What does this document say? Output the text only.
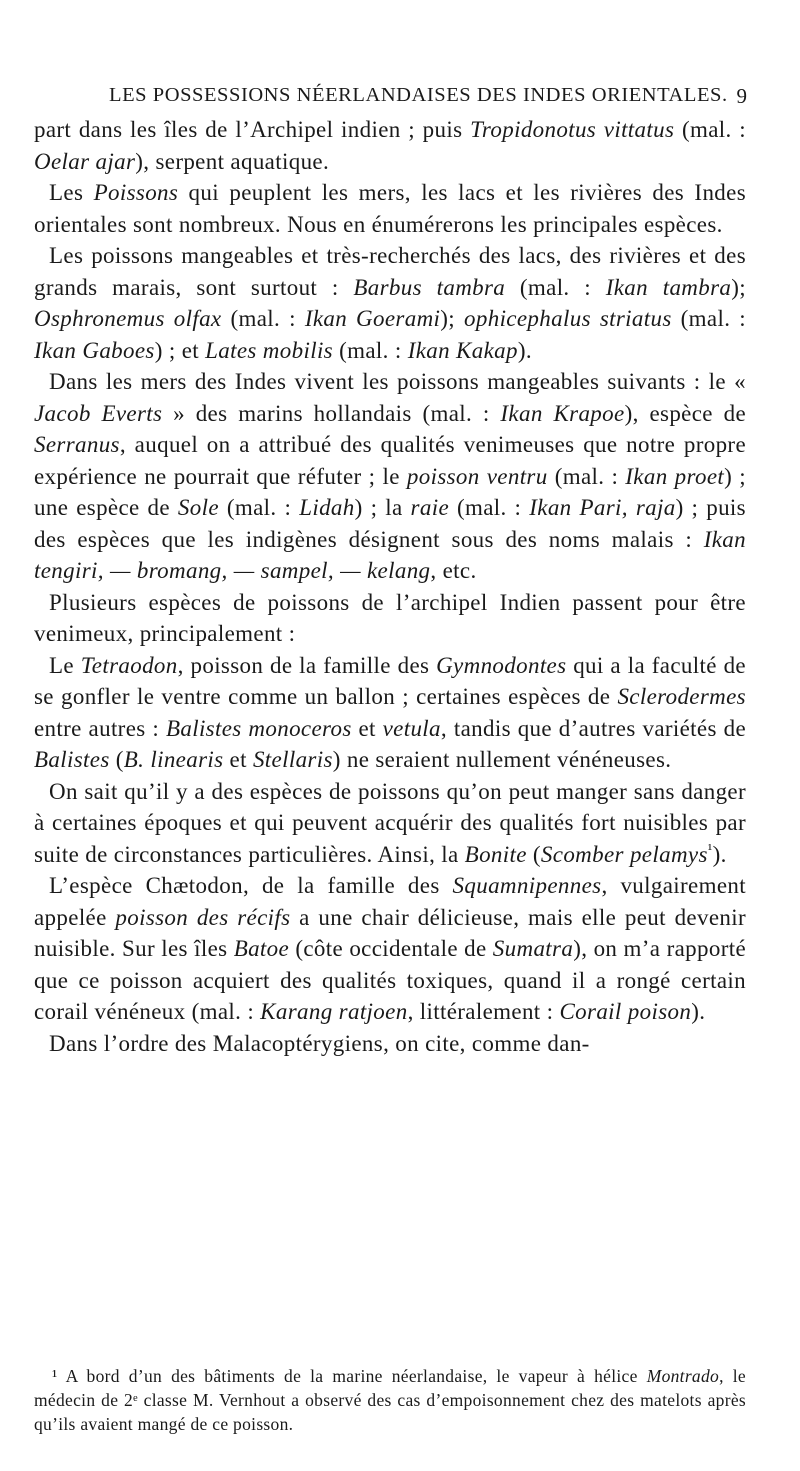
LES POSSESSIONS NÉERLANDAISES DES INDES ORIENTALES. 9

part dans les îles de l’Archipel indien ; puis Tropidonotus vittatus (mal. : Oelar ajar), serpent aquatique.

Les Poissons qui peuplent les mers, les lacs et les rivières des Indes orientales sont nombreux. Nous en énumérerons les principales espèces.

Les poissons mangeables et très-recherchés des lacs, des rivières et des grands marais, sont surtout : Barbus tambra (mal. : Ikan tambra); Osphronemus olfax (mal. : Ikan Goerami); ophicephalus striatus (mal. : Ikan Gaboes) ; et Lates mobilis (mal. : Ikan Kakap).

Dans les mers des Indes vivent les poissons mangeables suivants : le « Jacob Everts » des marins hollandais (mal. : Ikan Krapoe), espèce de Serranus, auquel on a attribué des qualités venimeuses que notre propre expérience ne pourrait que réfuter ; le poisson ventru (mal. : Ikan proet) ; une espèce de Sole (mal. : Lidah) ; la raie (mal. : Ikan Pari, raja) ; puis des espèces que les indigènes désignent sous des noms malais : Ikan tengiri, — bromang, — sampel, — kelang, etc.

Plusieurs espèces de poissons de l’archipel Indien passent pour être venimeux, principalement :

Le Tetraodon, poisson de la famille des Gymnodontes qui a la faculté de se gonfler le ventre comme un ballon ; certaines espèces de Sclerodermes entre autres : Balistes monoceros et vetula, tandis que d’autres variétés de Balistes (B. linearis et Stellaris) ne seraient nullement vénéneuses.

On sait qu’il y a des espèces de poissons qu’on peut manger sans danger à certaines époques et qui peuvent acquérir des qualités fort nuisibles par suite de circonstances particulières. Ainsi, la Bonite (Scomber pelamys$^{^1}$).

L’espèce Chætodon, de la famille des Squamnipennes, vulgairement appelée poisson des récifs a une chair délicieuse, mais elle peut devenir nuisible. Sur les îles Batoe (côte occidentale de Sumatra), on m’a rapporté que ce poisson acquiert des qualités toxiques, quand il a rongé certain corail vénéneux (mal. : Karang ratjoen, littéralement : Corail poison).

Dans l’ordre des Malacoptérygiens, on cite, comme dan-

¹ A bord d’un des bâtiments de la marine néerlandaise, le vapeur à hélice Montrado, le médecin de 2ᵉ classe M. Vernhout a observé des cas d’empoisonnement chez des matelots après qu’ils avaient mangé de ce poisson.
